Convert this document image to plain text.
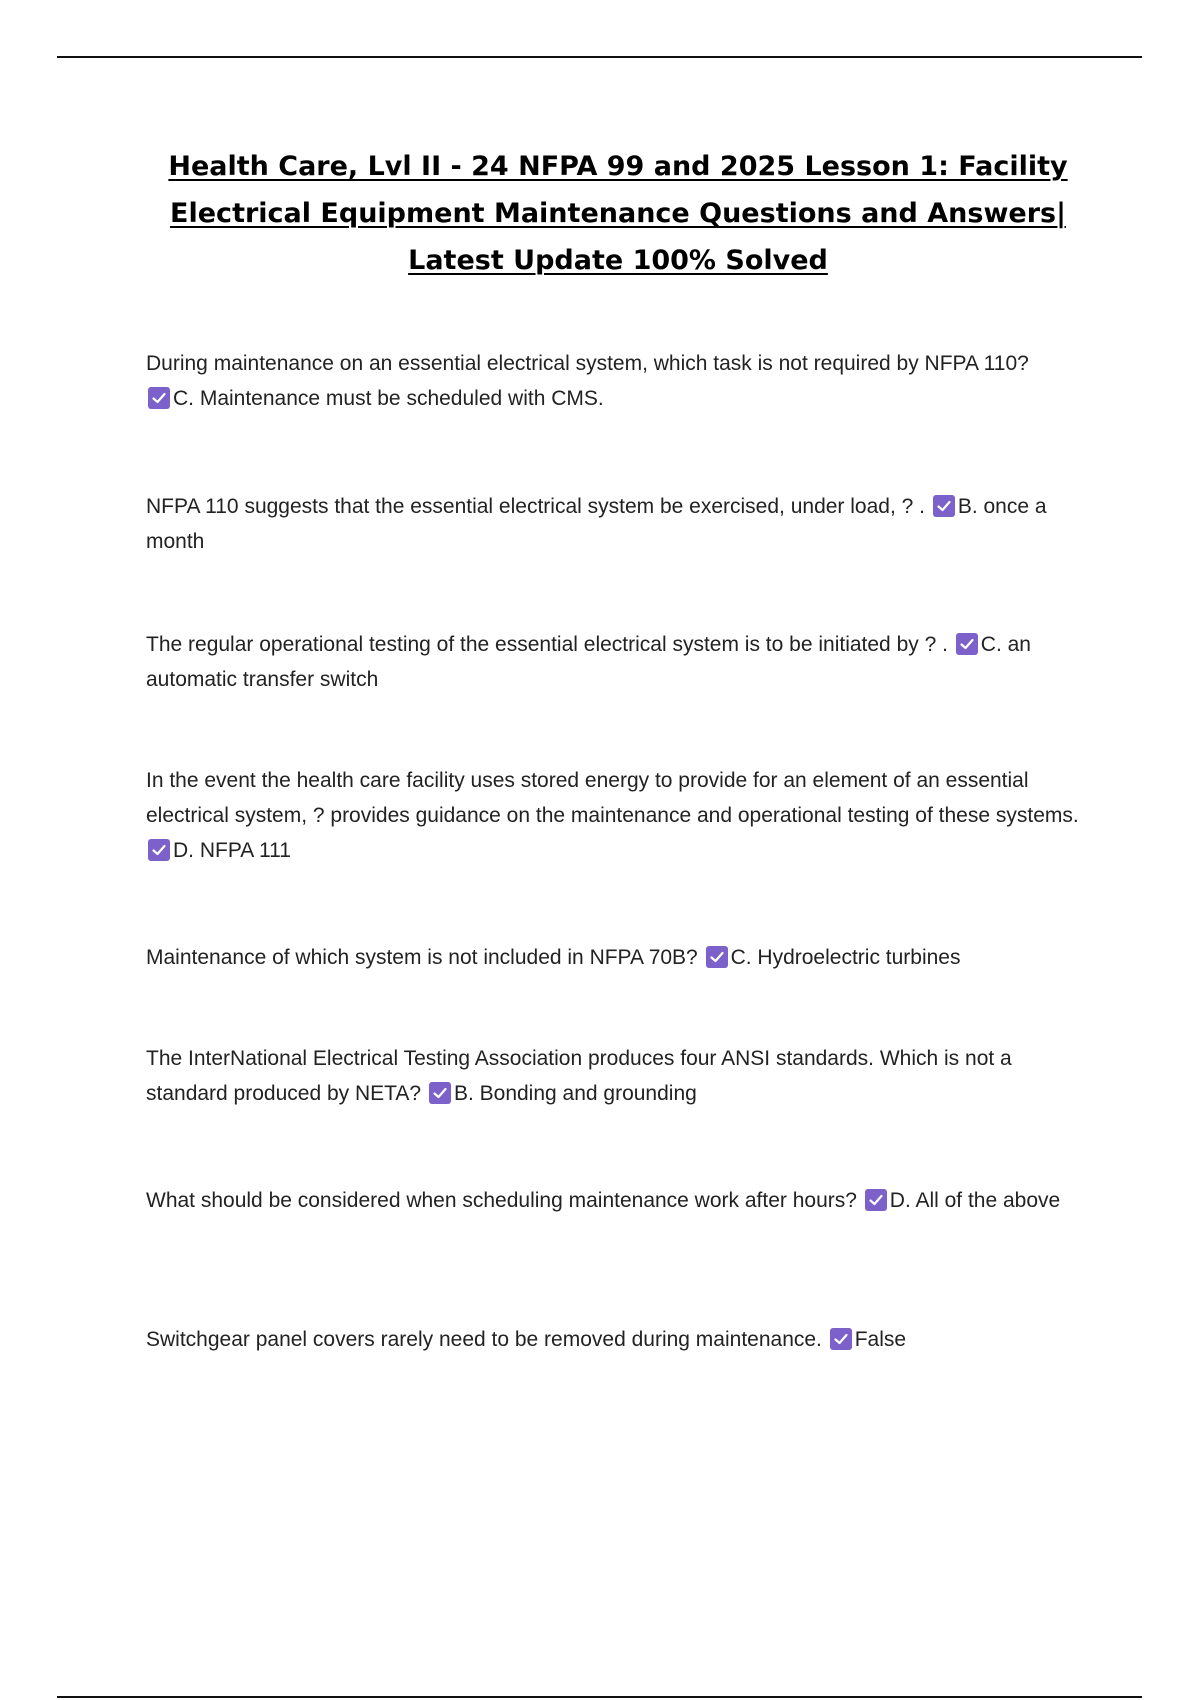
Health Care, Lvl II - 24 NFPA 99 and 2025 Lesson 1: Facility Electrical Equipment Maintenance Questions and Answers| Latest Update 100% Solved

During maintenance on an essential electrical system, which task is not required by NFPA 110?

C. Maintenance must be scheduled with CMS.

NFPA 110 suggests that the essential electrical system be exercised, under load, ? . B. once a month

The regular operational testing of the essential electrical system is to be initiated by ? . C. an automatic transfer switch

In the event the health care facility uses stored energy to provide for an element of an essential electrical system, ? provides guidance on the maintenance and operational testing of these systems.
D. NFPA 111

Maintenance of which system is not included in NFPA 70B? C. Hydroelectric turbines

The InterNational Electrical Testing Association produces four ANSI standards. Which is not a standard produced by NETA? B. Bonding and grounding

What should be considered when scheduling maintenance work after hours? D. All of the above

Switchgear panel covers rarely need to be removed during maintenance. False
